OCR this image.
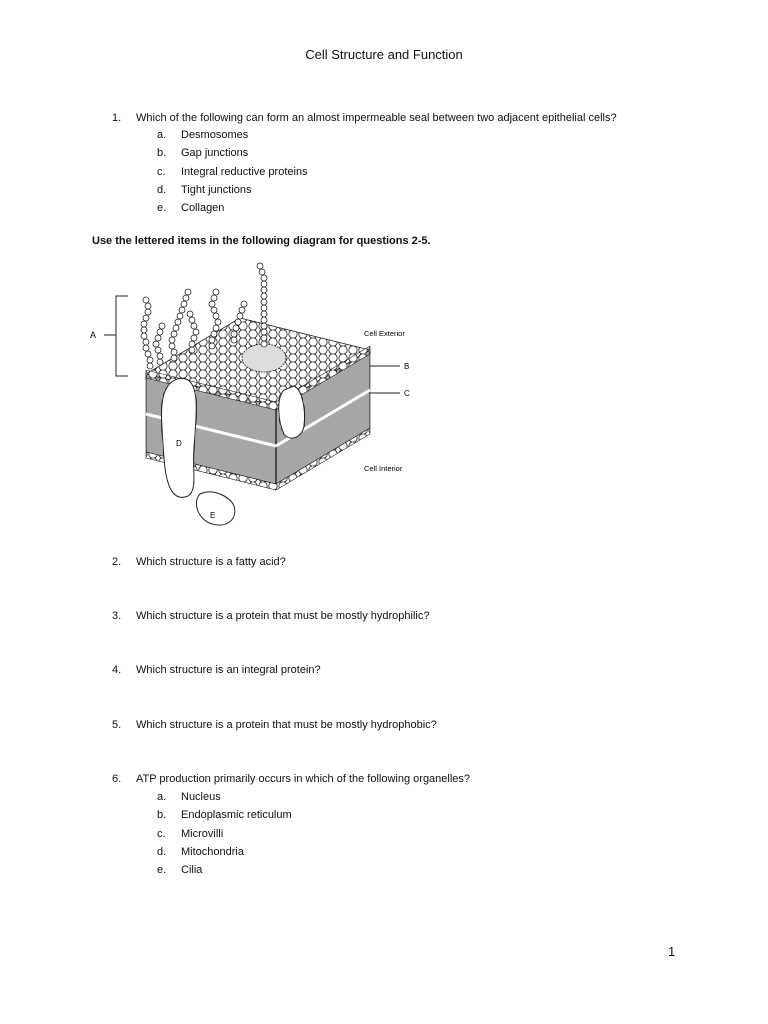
Cell Structure and Function
1.	Which of the following can form an almost impermeable seal between two adjacent epithelial cells?
a.	Desmosomes
b.	Gap junctions
c.	Integral reductive proteins
d.	Tight junctions
e.	Collagen
Use the lettered items in the following diagram for questions 2-5.
A
B
C
D
E
Cell Exterior
Cell Interior
2.	Which structure is a fatty acid?
3.	Which structure is a protein that must be mostly hydrophilic?
4.	Which structure is an integral protein?
5.	Which structure is a protein that must be mostly hydrophobic?
6.	ATP production primarily occurs in which of the following organelles?
a.	Nucleus
b.	Endoplasmic reticulum
c.	Microvilli
d.	Mitochondria
e.	Cilia
1
